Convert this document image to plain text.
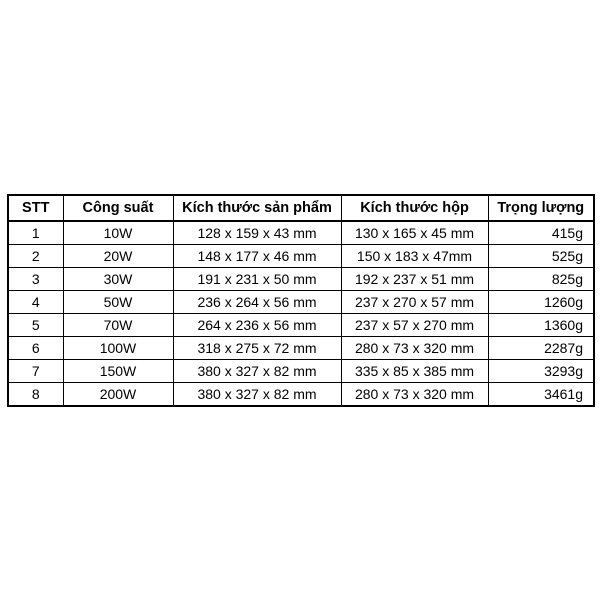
STT	Công suất	Kích thước sản phẩm	Kích thước hộp	Trọng lượng
1	10W	128 x 159 x 43 mm	130 x 165 x 45 mm	415g
2	20W	148 x 177 x 46 mm	150 x 183 x 47mm	525g
3	30W	191 x 231 x 50 mm	192 x 237 x 51 mm	825g
4	50W	236 x 264 x 56 mm	237 x 270 x 57 mm	1260g
5	70W	264 x 236 x 56 mm	237 x 57 x 270 mm	1360g
6	100W	318 x 275 x 72 mm	280 x 73 x 320 mm	2287g
7	150W	380 x 327 x 82 mm	335 x 85 x 385 mm	3293g
8	200W	380 x 327 x 82 mm	280 x 73 x 320 mm	3461g
